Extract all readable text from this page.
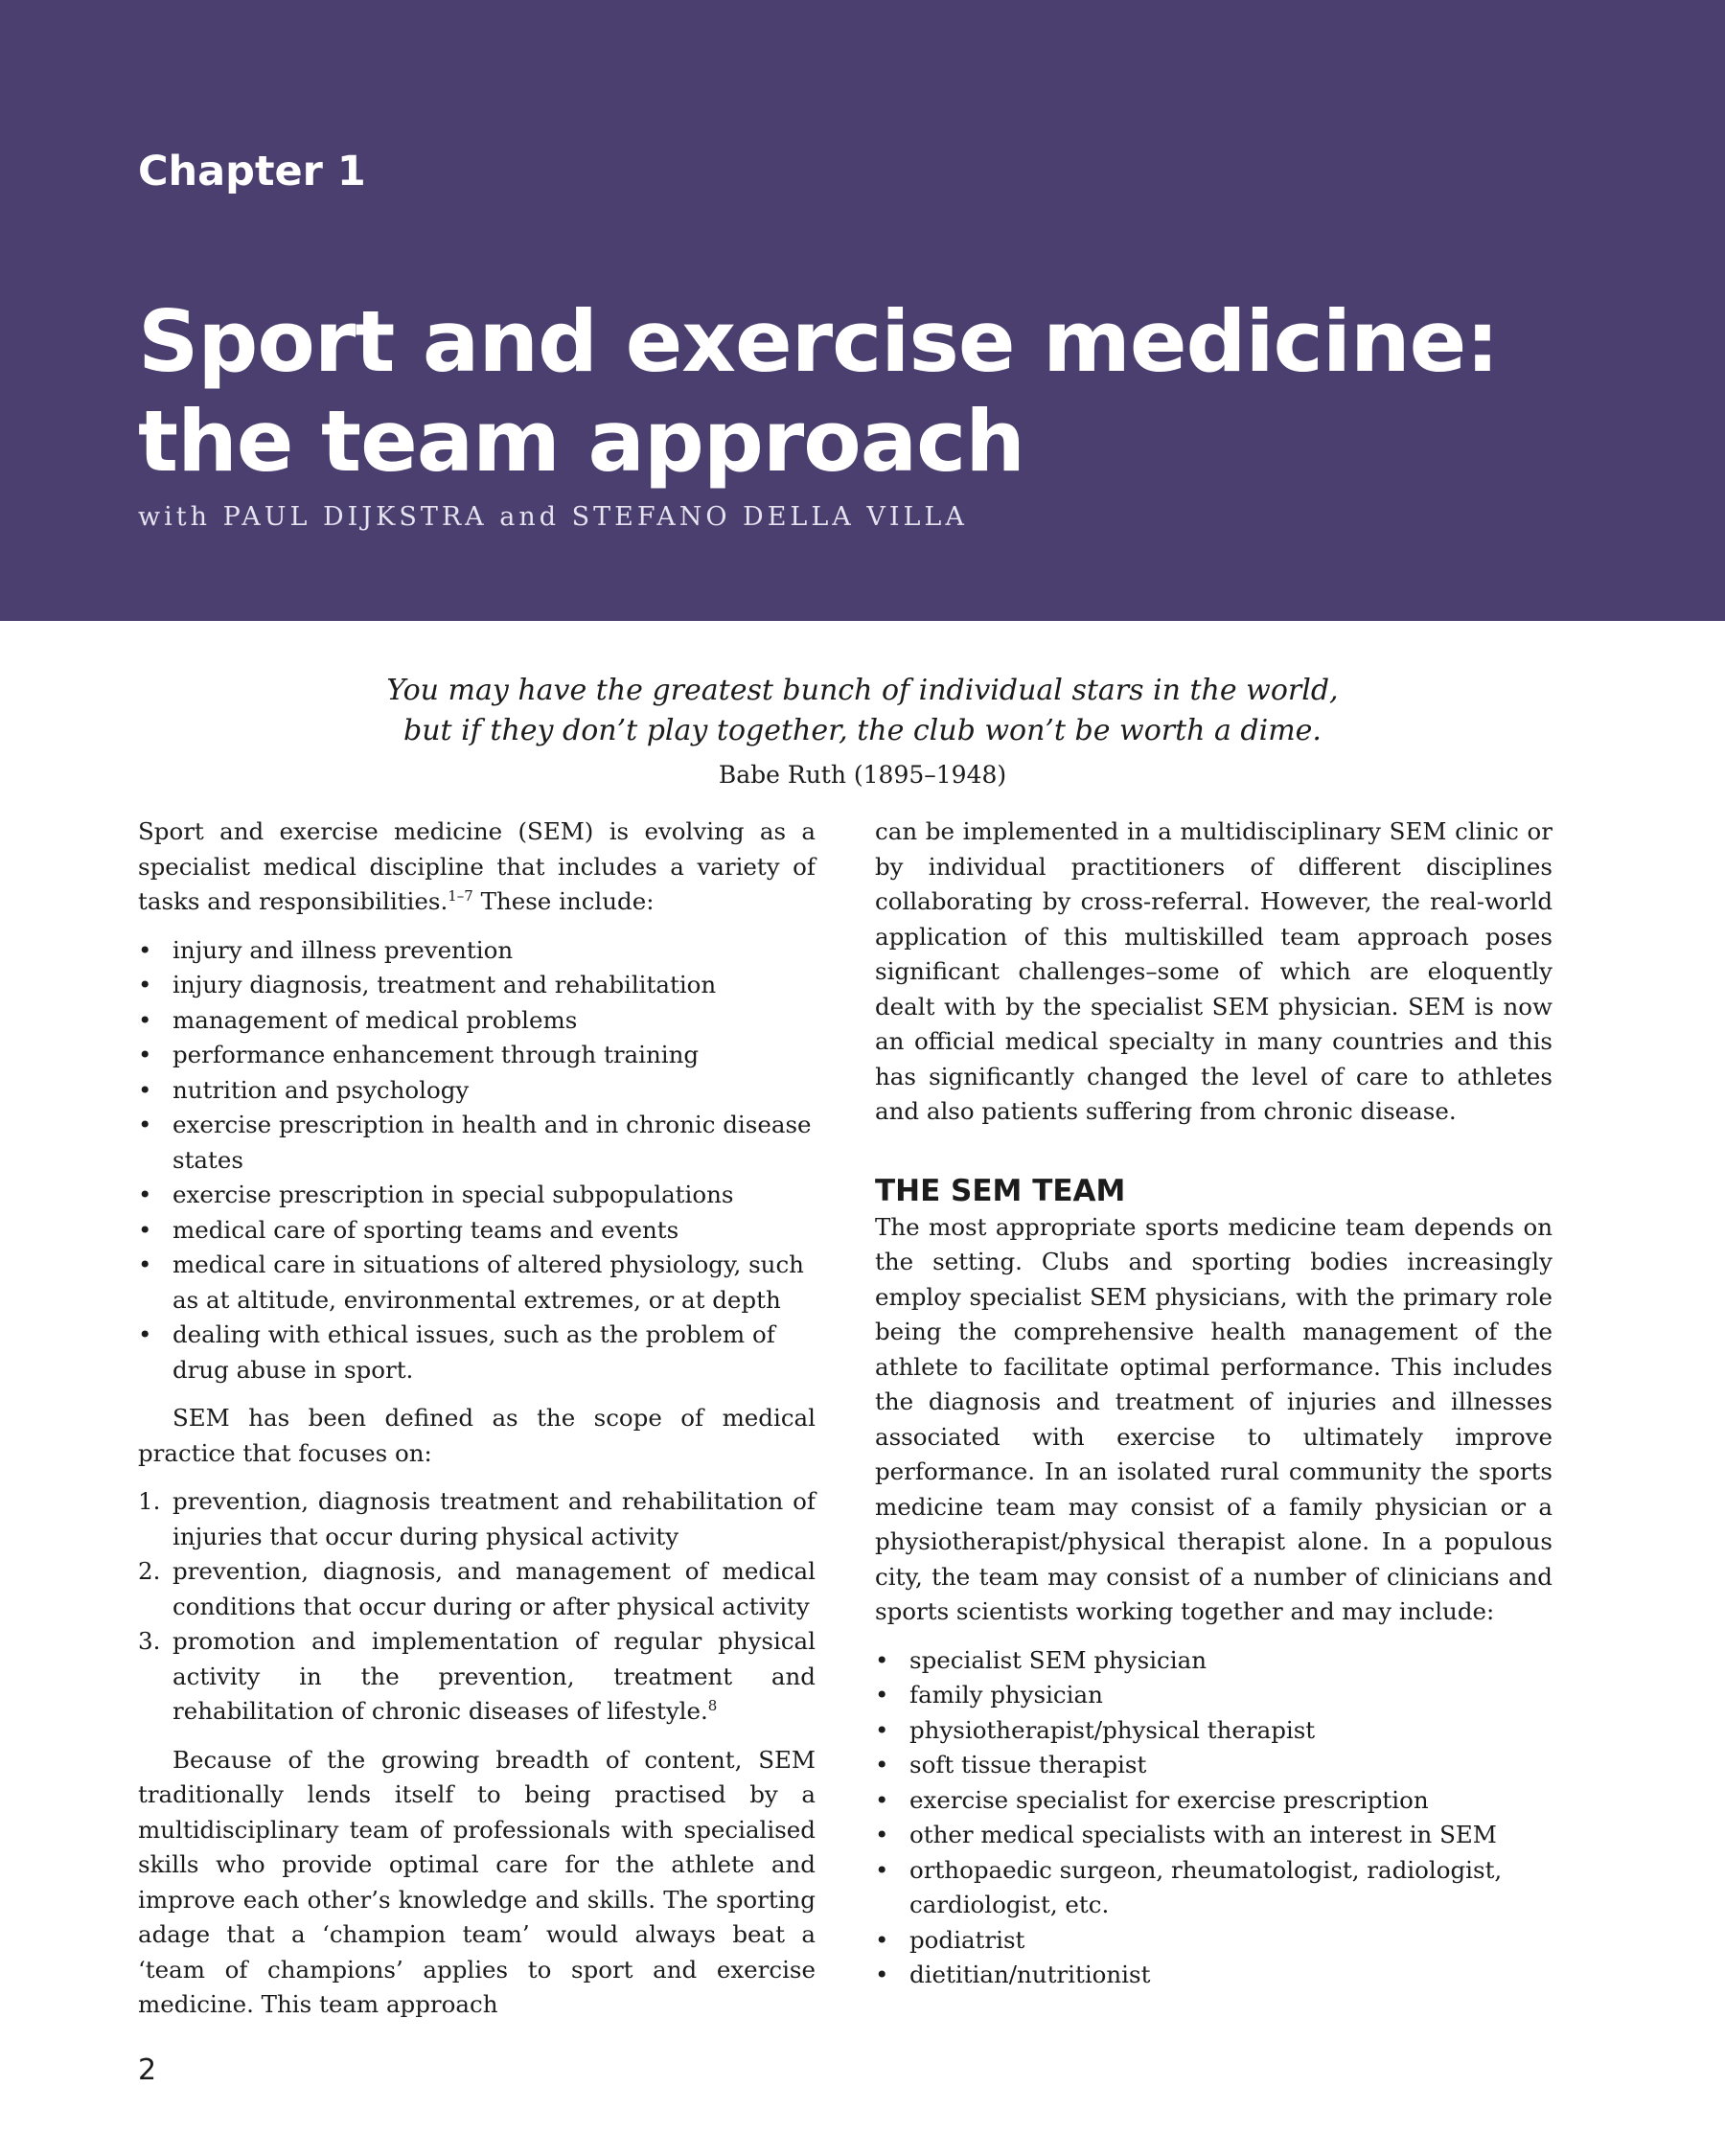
Chapter 1

Sport and exercise medicine:
the team approach

with PAUL DIJKSTRA and STEFANO DELLA VILLA

You may have the greatest bunch of individual stars in the world,
but if they don’t play together, the club won’t be worth a dime.

Babe Ruth (1895–1948)

Sport and exercise medicine (SEM) is evolving as a specialist medical discipline that includes a variety of tasks and responsibilities.$^{1-7}$ These include:

• injury and illness prevention
• injury diagnosis, treatment and rehabilitation
• management of medical problems
• performance enhancement through training
• nutrition and psychology
• exercise prescription in health and in chronic disease states
• exercise prescription in special subpopulations
• medical care of sporting teams and events
• medical care in situations of altered physiology, such as at altitude, environmental extremes, or at depth
• dealing with ethical issues, such as the problem of drug abuse in sport.

SEM has been defined as the scope of medical practice that focuses on:

1. prevention, diagnosis treatment and rehabilitation of injuries that occur during physical activity
2. prevention, diagnosis, and management of medical conditions that occur during or after physical activity
3. promotion and implementation of regular physical activity in the prevention, treatment and rehabilitation of chronic diseases of lifestyle.$^8$

Because of the growing breadth of content, SEM traditionally lends itself to being practised by a multidisciplinary team of professionals with specialised skills who provide optimal care for the athlete and improve each other’s knowledge and skills. The sporting adage that a ‘champion team’ would always beat a ‘team of champions’ applies to sport and exercise medicine. This team approach

can be implemented in a multidisciplinary SEM clinic or by individual practitioners of different disciplines collaborating by cross-referral. However, the real-world application of this multiskilled team approach poses significant challenges–some of which are eloquently dealt with by the specialist SEM physician. SEM is now an official medical specialty in many countries and this has significantly changed the level of care to athletes and also patients suffering from chronic disease.

THE SEM TEAM

The most appropriate sports medicine team depends on the setting. Clubs and sporting bodies increasingly employ specialist SEM physicians, with the primary role being the comprehensive health management of the athlete to facilitate optimal performance. This includes the diagnosis and treatment of injuries and illnesses associated with exercise to ultimately improve performance. In an isolated rural community the sports medicine team may consist of a family physician or a physiotherapist/physical therapist alone. In a populous city, the team may consist of a number of clinicians and sports scientists working together and may include:

• specialist SEM physician
• family physician
• physiotherapist/physical therapist
• soft tissue therapist
• exercise specialist for exercise prescription
• other medical specialists with an interest in SEM
• orthopaedic surgeon, rheumatologist, radiologist, cardiologist, etc.
• podiatrist
• dietitian/nutritionist

2
